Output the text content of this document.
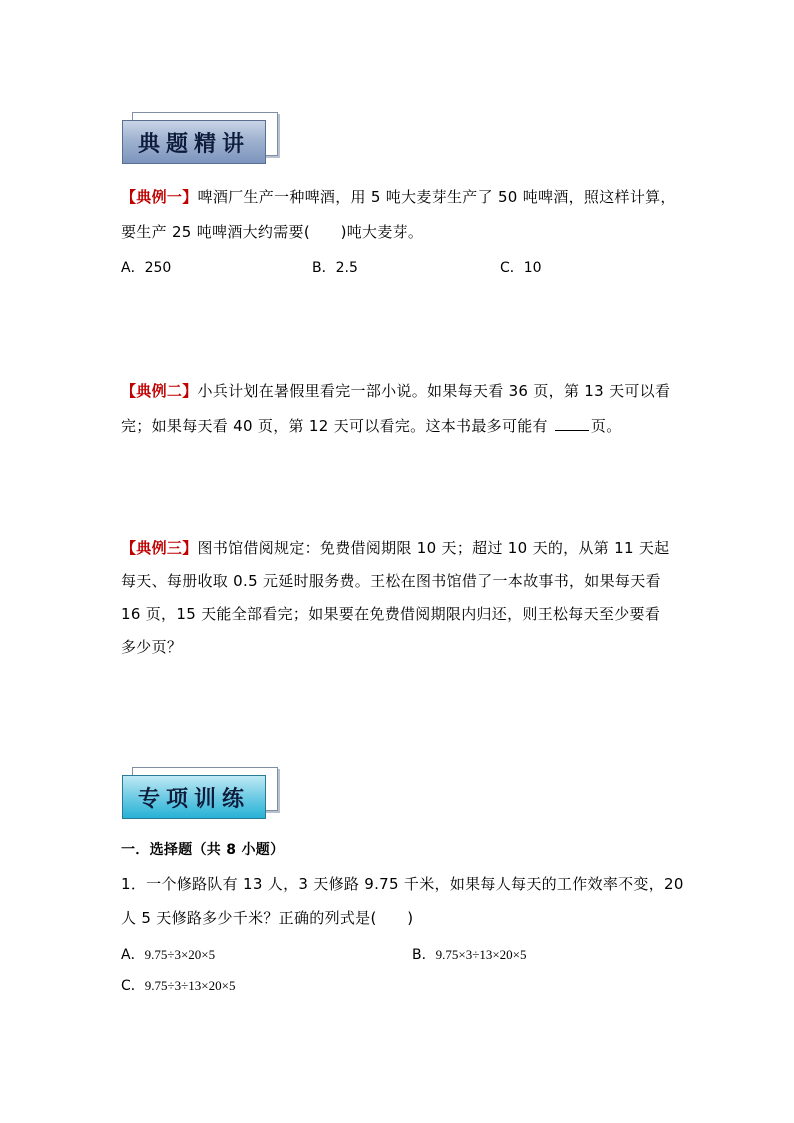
典题精讲
【典例一】啤酒厂生产一种啤酒，用 5 吨大麦芽生产了 50 吨啤酒，照这样计算，
要生产 25 吨啤酒大约需要(　　)吨大麦芽。
A．250	B．2.5	C．10
【典例二】小兵计划在暑假里看完一部小说。如果每天看 36 页，第 13 天可以看
完；如果每天看 40 页，第 12 天可以看完。这本书最多可能有	页。
【典例三】图书馆借阅规定：免费借阅期限 10 天；超过 10 天的，从第 11 天起
每天、每册收取 0.5 元延时服务费。王松在图书馆借了一本故事书，如果每天看
16 页，15 天能全部看完；如果要在免费借阅期限内归还，则王松每天至少要看
多少页？
专项训练
一．选择题（共 8 小题）
1．一个修路队有 13 人，3 天修路 9.75 千米，如果每人每天的工作效率不变，20
人 5 天修路多少千米？正确的列式是(　　)
A．9.75÷3×20×5	B．9.75×3÷13×20×5
C．9.75÷3÷13×20×5
